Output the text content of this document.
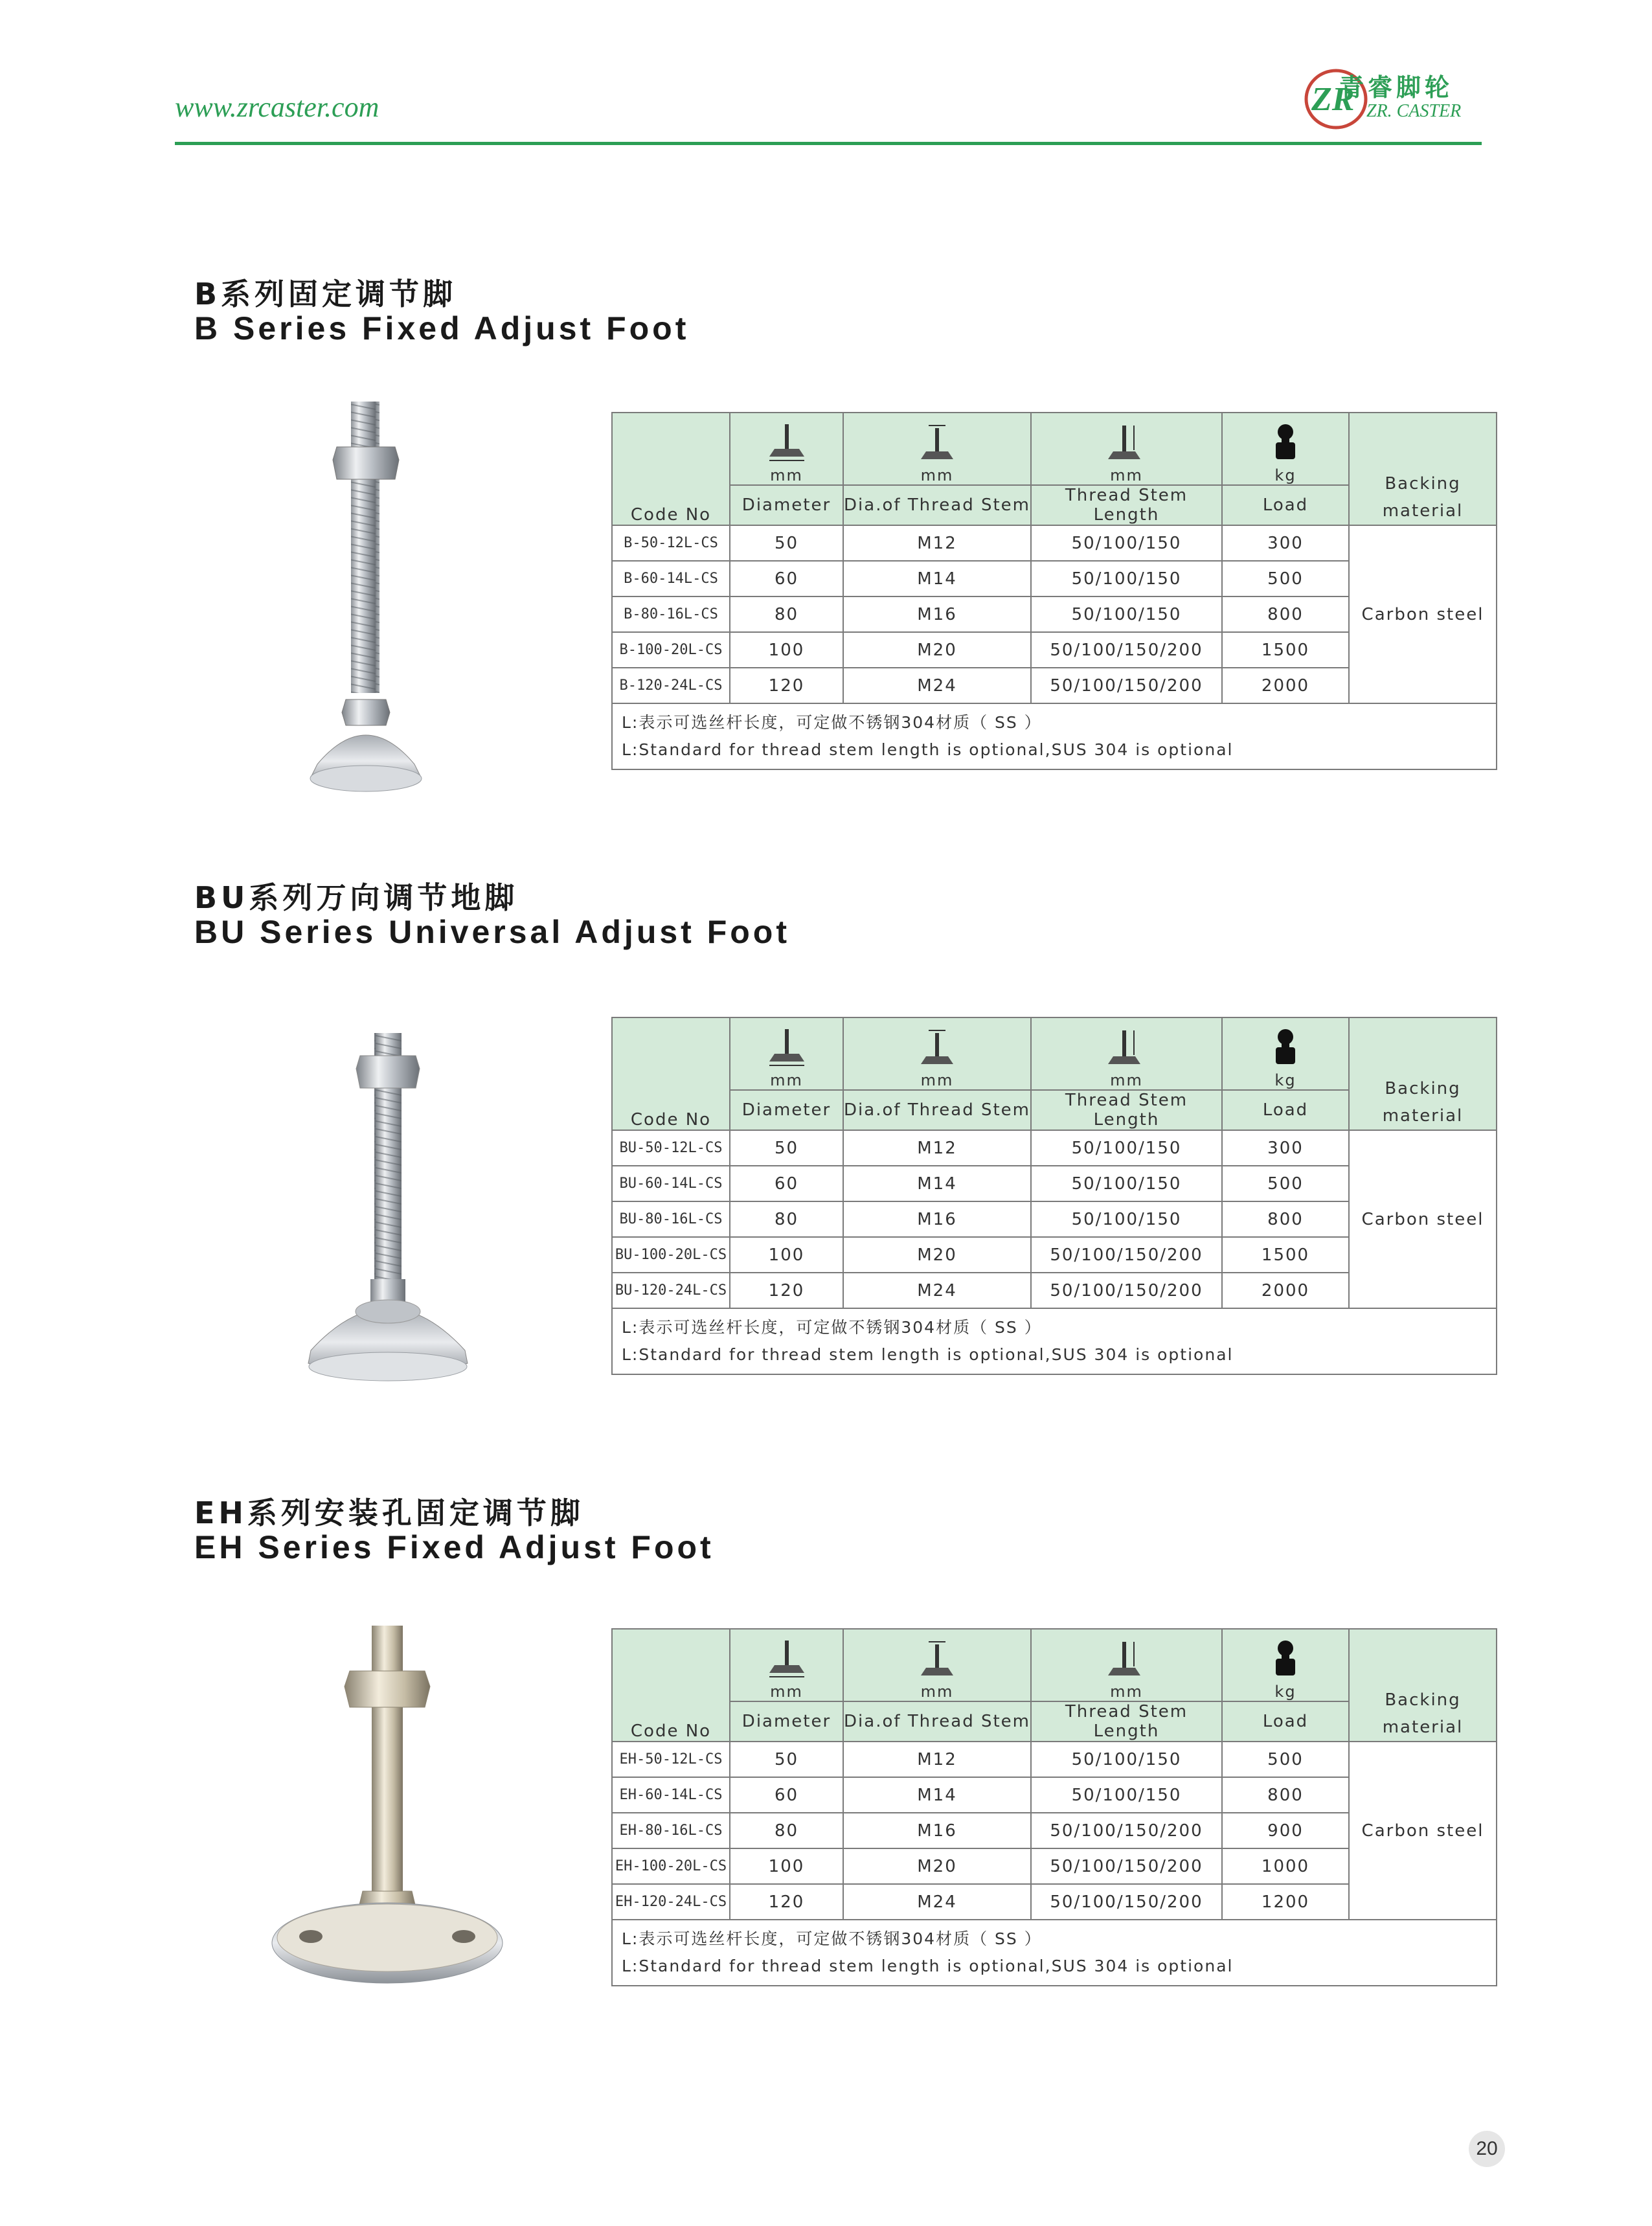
www.zrcaster.com	ZR
青睿脚轮
ZR. CASTER
B系列固定调节脚
B Series Fixed Adjust Foot
Code No	mm	mm	mm	kg	Backing material
	Diameter	Dia.of Thread Stem	Thread Stem Length	Load	
B-50-12L-CS	50	M12	50/100/150	300	Carbon steel
B-60-14L-CS	60	M14	50/100/150	500	
B-80-16L-CS	80	M16	50/100/150	800	
B-100-20L-CS	100	M20	50/100/150/200	1500	
B-120-24L-CS	120	M24	50/100/150/200	2000	

L:表示可选丝杆长度，可定做不锈钢304材质（ SS ）
L:Standard for thread stem length is optional,SUS 304 is optional					
BU系列万向调节地脚
BU Series Universal Adjust Foot
Code No	mm	mm	mm	kg	Backing material
	Diameter	Dia.of Thread Stem	Thread Stem Length	Load	
BU-50-12L-CS	50	M12	50/100/150	300	Carbon steel
BU-60-14L-CS	60	M14	50/100/150	500	
BU-80-16L-CS	80	M16	50/100/150	800	
BU-100-20L-CS	100	M20	50/100/150/200	1500	
BU-120-24L-CS	120	M24	50/100/150/200	2000	

L:表示可选丝杆长度，可定做不锈钢304材质（ SS ）
L:Standard for thread stem length is optional,SUS 304 is optional					
EH系列安装孔固定调节脚
EH Series Fixed Adjust Foot
Code No	mm	mm	mm	kg	Backing material
	Diameter	Dia.of Thread Stem	Thread Stem Length	Load	
EH-50-12L-CS	50	M12	50/100/150	500	Carbon steel
EH-60-14L-CS	60	M14	50/100/150	800	
EH-80-16L-CS	80	M16	50/100/150/200	900	
EH-100-20L-CS	100	M20	50/100/150/200	1000	
EH-120-24L-CS	120	M24	50/100/150/200	1200	

L:表示可选丝杆长度，可定做不锈钢304材质（ SS ）
L:Standard for thread stem length is optional,SUS 304 is optional					
20
